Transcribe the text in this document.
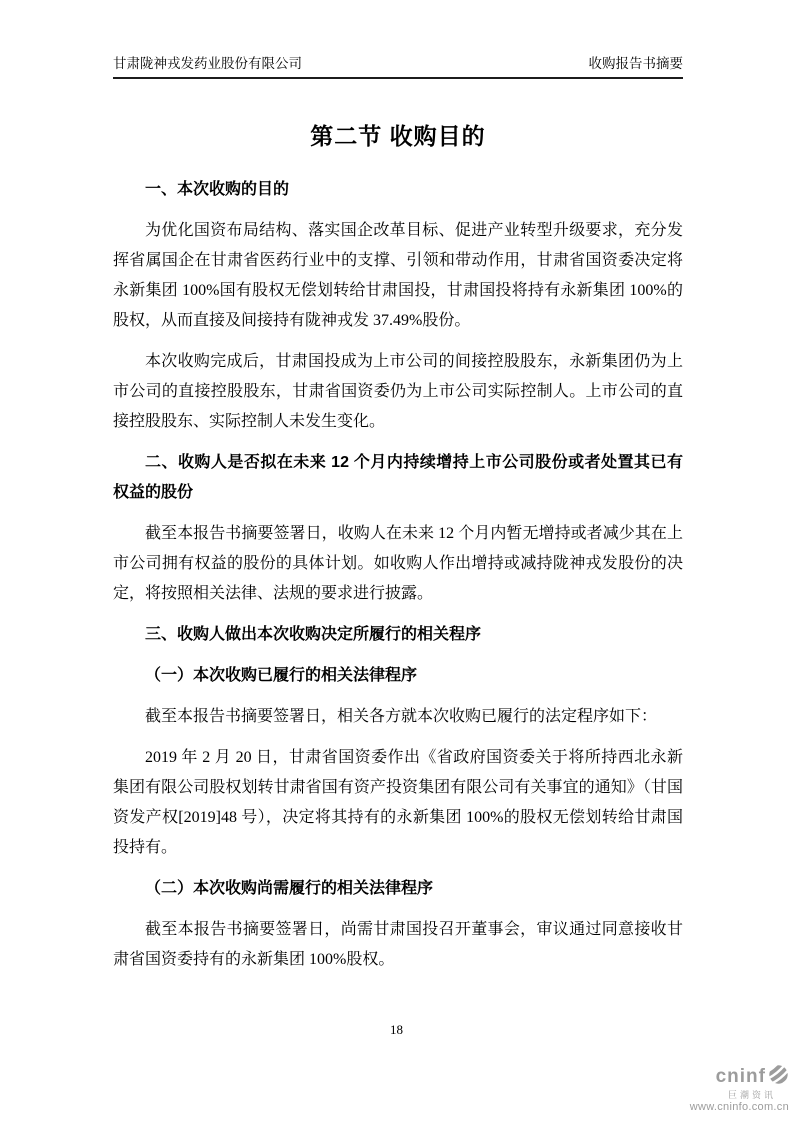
甘肃陇神戎发药业股份有限公司	收购报告书摘要
第二节 收购目的
一、本次收购的目的

为优化国资布局结构、落实国企改革目标、促进产业转型升级要求，充分发挥省属国企在甘肃省医药行业中的支撑、引领和带动作用，甘肃省国资委决定将永新集团 100%国有股权无偿划转给甘肃国投，甘肃国投将持有永新集团 100%的股权，从而直接及间接持有陇神戎发 37.49%股份。

本次收购完成后，甘肃国投成为上市公司的间接控股股东，永新集团仍为上市公司的直接控股股东，甘肃省国资委仍为上市公司实际控制人。上市公司的直接控股股东、实际控制人未发生变化。

二、收购人是否拟在未来 12 个月内持续增持上市公司股份或者处置其已有权益的股份

截至本报告书摘要签署日，收购人在未来 12 个月内暂无增持或者减少其在上市公司拥有权益的股份的具体计划。如收购人作出增持或减持陇神戎发股份的决定，将按照相关法律、法规的要求进行披露。

三、收购人做出本次收购决定所履行的相关程序
（一）本次收购已履行的相关法律程序

截至本报告书摘要签署日，相关各方就本次收购已履行的法定程序如下：

2019 年 2 月 20 日，甘肃省国资委作出《省政府国资委关于将所持西北永新集团有限公司股权划转甘肃省国有资产投资集团有限公司有关事宜的通知》（甘国资发产权[2019]48 号），决定将其持有的永新集团 100%的股权无偿划转给甘肃国投持有。

（二）本次收购尚需履行的相关法律程序

截至本报告书摘要签署日，尚需甘肃国投召开董事会，审议通过同意接收甘肃省国资委持有的永新集团 100%股权。

18
cninf
巨潮资讯
www.cninfo.com.cn
